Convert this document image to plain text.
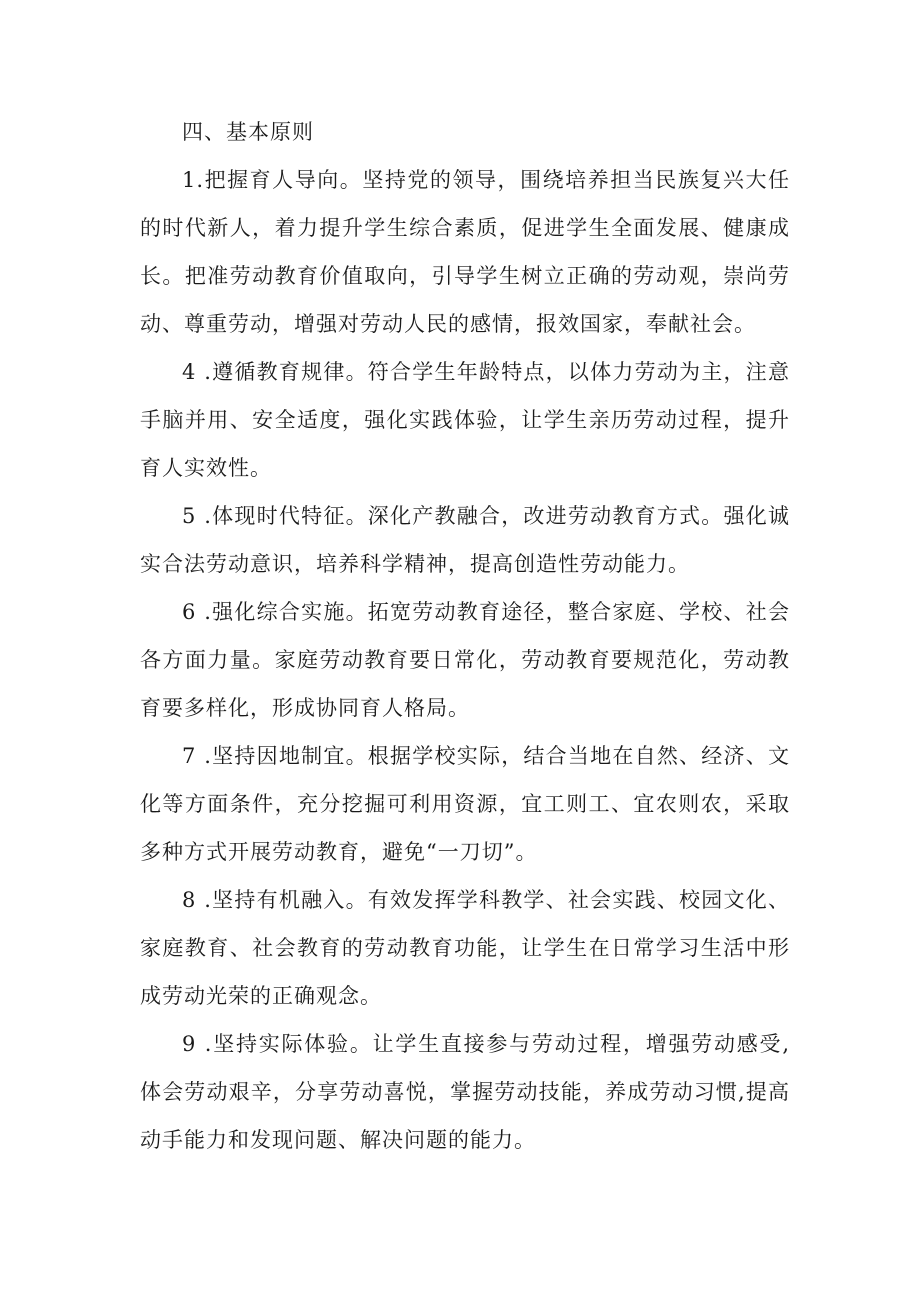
四、基本原则

1.把握育人导向。坚持党的领导，围绕培养担当民族复兴大任的时代新人，着力提升学生综合素质，促进学生全面发展、健康成长。把准劳动教育价值取向，引导学生树立正确的劳动观，崇尚劳动、尊重劳动，增强对劳动人民的感情，报效国家，奉献社会。

4 .遵循教育规律。符合学生年龄特点，以体力劳动为主，注意手脑并用、安全适度，强化实践体验，让学生亲历劳动过程，提升育人实效性。

5 .体现时代特征。深化产教融合，改进劳动教育方式。强化诚实合法劳动意识，培养科学精神，提高创造性劳动能力。

6 .强化综合实施。拓宽劳动教育途径，整合家庭、学校、社会各方面力量。家庭劳动教育要日常化，劳动教育要规范化，劳动教育要多样化，形成协同育人格局。

7 .坚持因地制宜。根据学校实际，结合当地在自然、经济、文化等方面条件，充分挖掘可利用资源，宜工则工、宜农则农，采取多种方式开展劳动教育，避免“一刀切”。

8 .坚持有机融入。有效发挥学科教学、社会实践、校园文化、家庭教育、社会教育的劳动教育功能，让学生在日常学习生活中形成劳动光荣的正确观念。

9 .坚持实际体验。让学生直接参与劳动过程，增强劳动感受,体会劳动艰辛，分享劳动喜悦，掌握劳动技能，养成劳动习惯,提高动手能力和发现问题、解决问题的能力。
